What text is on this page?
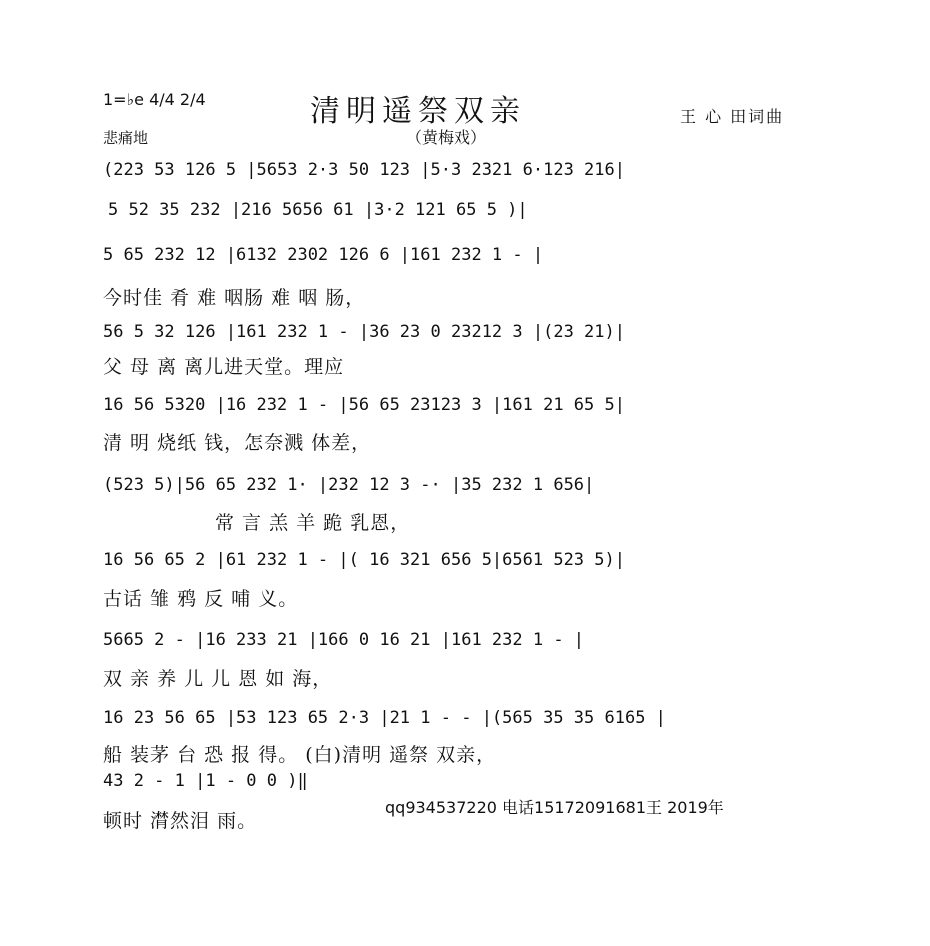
1=♭e 4/4 2/4
悲痛地
清明遥祭双亲
（黄梅戏）
王 心 田词曲
(223 53 126 5 |5653 2·3 50 123 |5·3 2321 6·123 216|
5 52 35 232 |216 5656 61 |3·2 121 65 5 )|
5 65 232 12 |6132 2302 126 6 |161 232 1 - |
今时佳 肴 难 咽肠 难 咽 肠，
56 5 32 126 |161 232 1 - |36 23 0 23212 3 |(23 21)|
父 母 离 离儿进天堂。理应
16 56 5320 |16 232 1 - |56 65 23123 3 |161 21 65 5|
清 明 烧纸 钱，怎奈溅 体差，
(523 5)|56 65 232 1· |232 12 3 -· |35 232 1 656|
常 言 羔 羊 跪 乳恩，
16 56 65 2 |61 232 1 - |( 16 321 656 5|6561 523 5)|
古话 雏 鸦 反 哺 义。
5665 2 - |16 233 21 |166 0 16 21 |161 232 1 - |
双 亲 养 儿 儿 恩 如 海，
16 23 56 65 |53 123 65 2·3 |21 1 - - |(565 35 35 6165 |
船 装茅 台 恐 报 得。 (白)清明 遥祭 双亲，
43 2 - 1 |1 - 0 0 )‖
顿时 潸然泪 雨。
qq934537220 电话15172091681王 2019年
